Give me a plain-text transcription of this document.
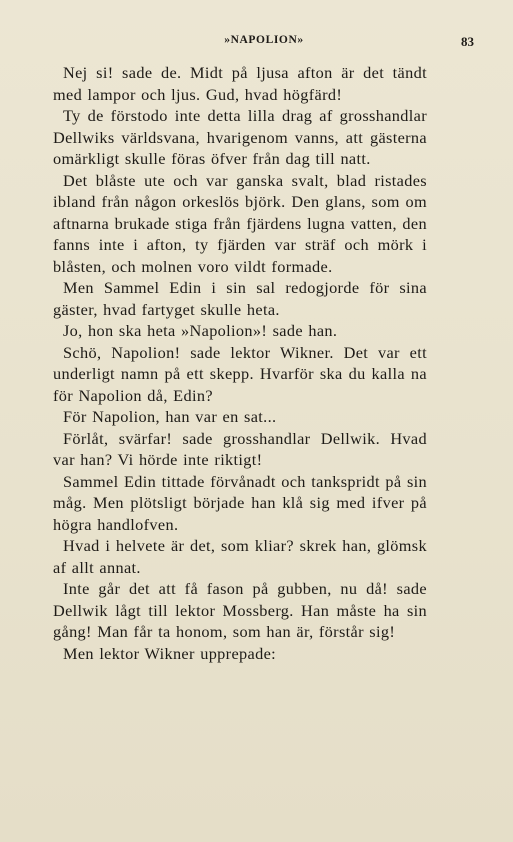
»NAPOLION»	83

Nej si! sade de. Midt på ljusa afton är det tändt med lampor och ljus. Gud, hvad högfärd!

Ty de förstodo inte detta lilla drag af grosshandlar Dellwiks världsvana, hvarigenom vanns, att gästerna omärkligt skulle föras öfver från dag till natt.

Det blåste ute och var ganska svalt, blad ristades ibland från någon orkeslös björk. Den glans, som om aftnarna brukade stiga från fjärdens lugna vatten, den fanns inte i afton, ty fjärden var sträf och mörk i blåsten, och molnen voro vildt formade.

Men Sammel Edin i sin sal redogjorde för sina gäster, hvad fartyget skulle heta.

Jo, hon ska heta »Napolion»! sade han.

Schö, Napolion! sade lektor Wikner. Det var ett underligt namn på ett skepp. Hvarför ska du kalla na för Napolion då, Edin?

För Napolion, han var en sat...

Förlåt, svärfar! sade grosshandlar Dellwik. Hvad var han? Vi hörde inte riktigt!

Sammel Edin tittade förvånadt och tankspridt på sin måg. Men plötsligt började han klå sig med ifver på högra handlofven.

Hvad i helvete är det, som kliar? skrek han, glömsk af allt annat.

Inte går det att få fason på gubben, nu då! sade Dellwik lågt till lektor Mossberg. Han måste ha sin gång! Man får ta honom, som han är, förstår sig!

Men lektor Wikner upprepade:
